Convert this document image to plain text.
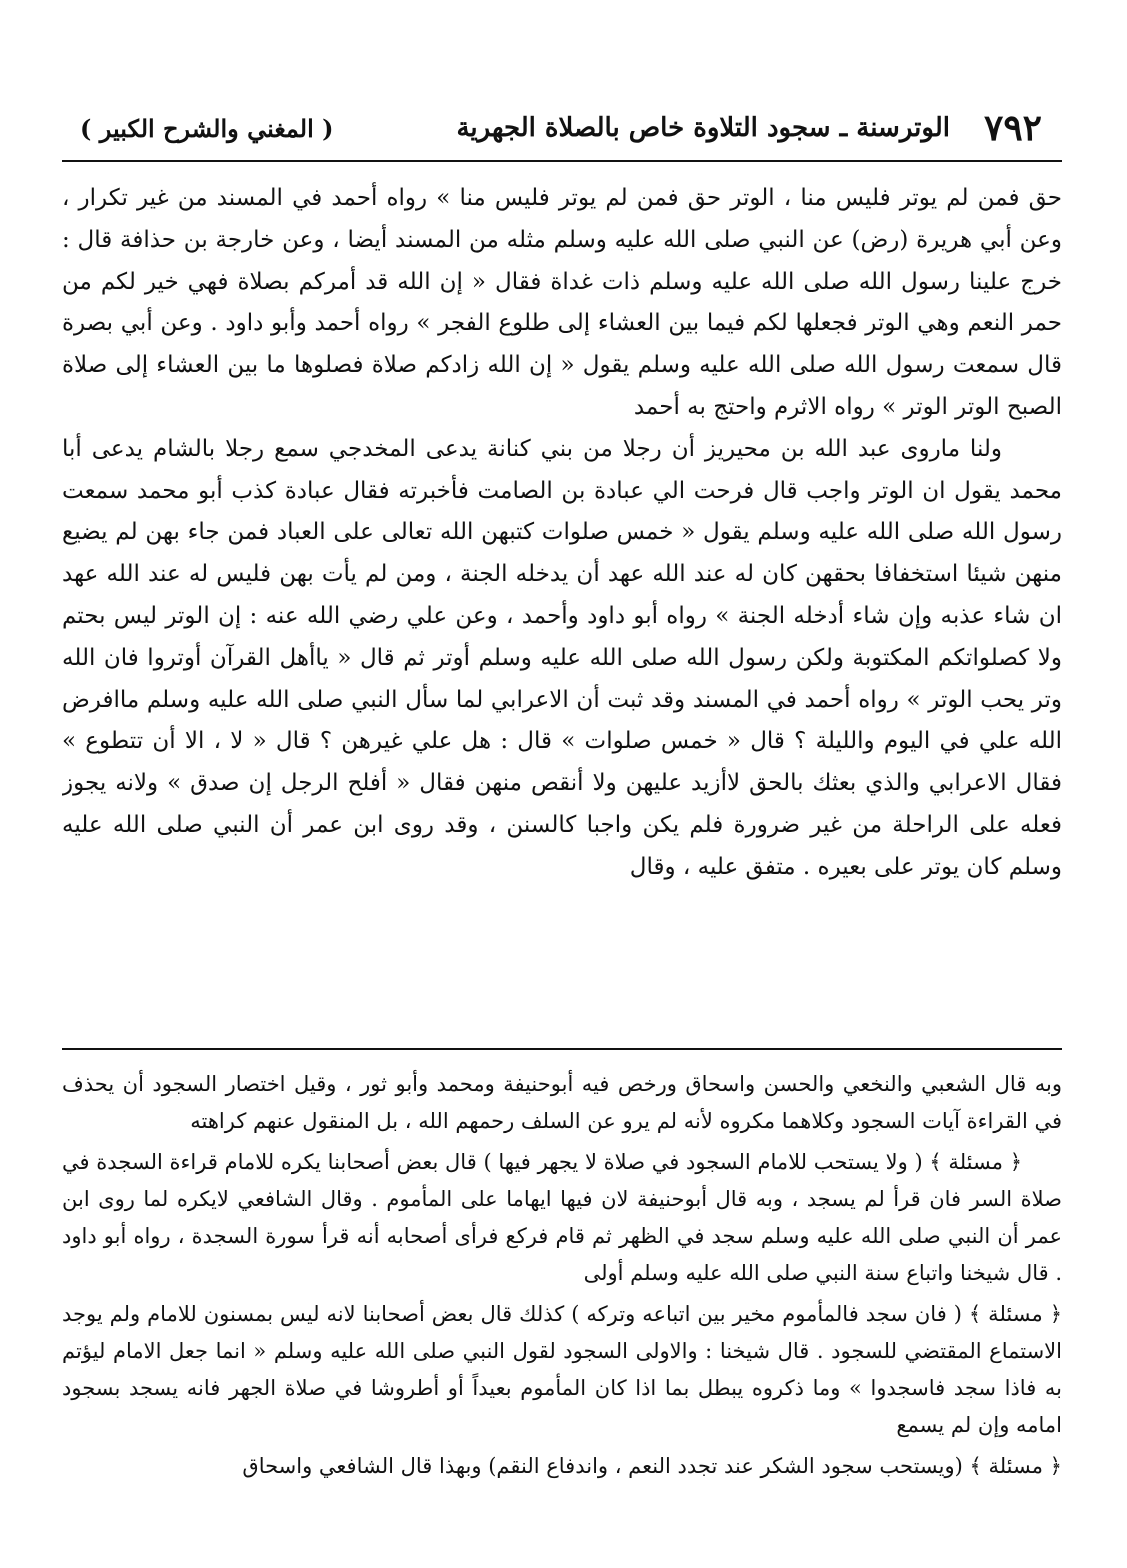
٧٩٢
الوترسنة ـ سجود التلاوة خاص بالصلاة الجهرية
( المغني والشرح الكبير )

حق فمن لم يوتر فليس منا ، الوتر حق فمن لم يوتر فليس منا » رواه أحمد في المسند من غير تكرار ، وعن أبي هريرة (رض) عن النبي صلى الله عليه وسلم مثله من المسند أيضا ، وعن خارجة بن حذافة قال : خرج علينا رسول الله صلى الله عليه وسلم ذات غداة فقال « إن الله قد أمركم بصلاة فهي خير لكم من حمر النعم وهي الوتر فجعلها لكم فيما بين العشاء إلى طلوع الفجر » رواه أحمد وأبو داود . وعن أبي بصرة قال سمعت رسول الله صلى الله عليه وسلم يقول « إن الله زادكم صلاة فصلوها ما بين العشاء إلى صلاة الصبح الوتر الوتر » رواه الاثرم واحتج به أحمد

ولنا ماروى عبد الله بن محيريز أن رجلا من بني كنانة يدعى المخدجي سمع رجلا بالشام يدعى أبا محمد يقول ان الوتر واجب قال فرحت الي عبادة بن الصامت فأخبرته فقال عبادة كذب أبو محمد سمعت رسول الله صلى الله عليه وسلم يقول « خمس صلوات كتبهن الله تعالى على العباد فمن جاء بهن لم يضيع منهن شيئا استخفافا بحقهن كان له عند الله عهد أن يدخله الجنة ، ومن لم يأت بهن فليس له عند الله عهد ان شاء عذبه وإن شاء أدخله الجنة » رواه أبو داود وأحمد ، وعن علي رضي الله عنه : إن الوتر ليس بحتم ولا كصلواتكم المكتوبة ولكن رسول الله صلى الله عليه وسلم أوتر ثم قال « ياأهل القرآن أوتروا فان الله وتر يحب الوتر » رواه أحمد في المسند وقد ثبت أن الاعرابي لما سأل النبي صلى الله عليه وسلم ماافرض الله علي في اليوم والليلة ؟ قال « خمس صلوات » قال : هل علي غيرهن ؟ قال « لا ، الا أن تتطوع » فقال الاعرابي والذي بعثك بالحق لاأزيد عليهن ولا أنقص منهن فقال « أفلح الرجل إن صدق » ولانه يجوز فعله على الراحلة من غير ضرورة فلم يكن واجبا كالسنن ، وقد روى ابن عمر أن النبي صلى الله عليه وسلم كان يوتر على بعيره . متفق عليه ، وقال

وبه قال الشعبي والنخعي والحسن واسحاق ورخص فيه أبوحنيفة ومحمد وأبو ثور ، وقيل اختصار السجود أن يحذف في القراءة آيات السجود وكلاهما مكروه لأنه لم يرو عن السلف رحمهم الله ، بل المنقول عنهم كراهته

﴿ مسئلة ﴾ ( ولا يستحب للامام السجود في صلاة لا يجهر فيها ) قال بعض أصحابنا يكره للامام قراءة السجدة في صلاة السر فان قرأ لم يسجد ، وبه قال أبوحنيفة لان فيها ايهاما على المأموم . وقال الشافعي لايكره لما روى ابن عمر أن النبي صلى الله عليه وسلم سجد في الظهر ثم قام فركع فرأى أصحابه أنه قرأ سورة السجدة ، رواه أبو داود . قال شيخنا واتباع سنة النبي صلى الله عليه وسلم أولى

﴿ مسئلة ﴾ ( فان سجد فالمأموم مخير بين اتباعه وتركه ) كذلك قال بعض أصحابنا لانه ليس بمسنون للامام ولم يوجد الاستماع المقتضي للسجود . قال شيخنا : والاولى السجود لقول النبي صلى الله عليه وسلم « انما جعل الامام ليؤتم به فاذا سجد فاسجدوا » وما ذكروه يبطل بما اذا كان المأموم بعيداً أو أطروشا في صلاة الجهر فانه يسجد بسجود امامه وإن لم يسمع

﴿ مسئلة ﴾ (ويستحب سجود الشكر عند تجدد النعم ، واندفاع النقم) وبهذا قال الشافعي واسحاق
